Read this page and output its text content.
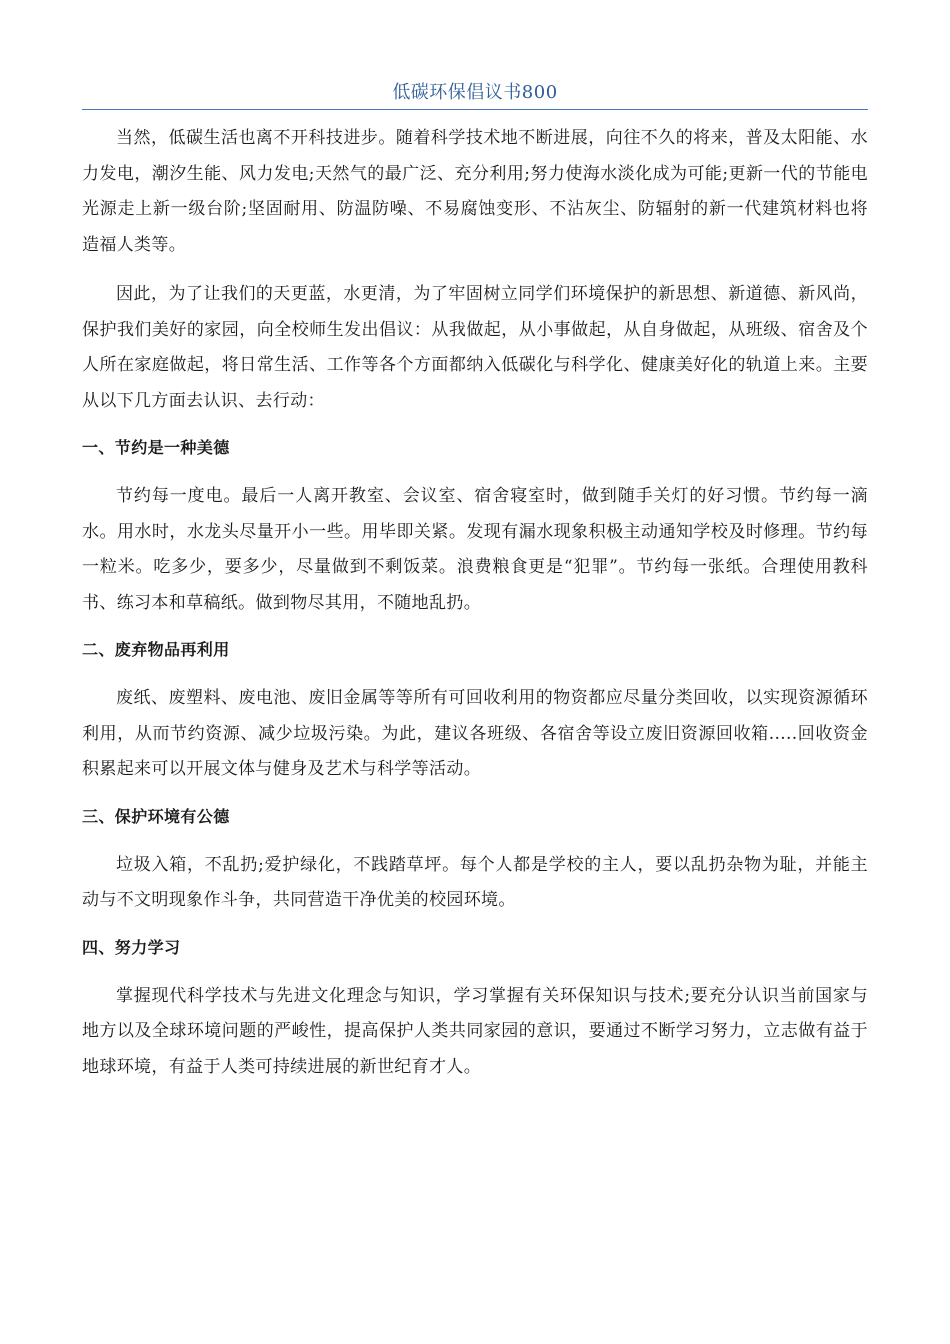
低碳环保倡议书800

当然，低碳生活也离不开科技进步。随着科学技术地不断进展，向往不久的将来，普及太阳能、水力发电，潮汐生能、风力发电;天然气的最广泛、充分利用;努力使海水淡化成为可能;更新一代的节能电光源走上新一级台阶;坚固耐用、防温防噪、不易腐蚀变形、不沾灰尘、防辐射的新一代建筑材料也将造福人类等。

因此，为了让我们的天更蓝，水更清，为了牢固树立同学们环境保护的新思想、新道德、新风尚，保护我们美好的家园，向全校师生发出倡议：从我做起，从小事做起，从自身做起，从班级、宿舍及个人所在家庭做起，将日常生活、工作等各个方面都纳入低碳化与科学化、健康美好化的轨道上来。主要从以下几方面去认识、去行动：

一、节约是一种美德

节约每一度电。最后一人离开教室、会议室、宿舍寝室时，做到随手关灯的好习惯。节约每一滴水。用水时，水龙头尽量开小一些。用毕即关紧。发现有漏水现象积极主动通知学校及时修理。节约每一粒米。吃多少，要多少，尽量做到不剩饭菜。浪费粮食更是“犯罪”。节约每一张纸。合理使用教科书、练习本和草稿纸。做到物尽其用，不随地乱扔。

二、废弃物品再利用

废纸、废塑料、废电池、废旧金属等等所有可回收利用的物资都应尽量分类回收，以实现资源循环利用，从而节约资源、减少垃圾污染。为此，建议各班级、各宿舍等设立废旧资源回收箱.....回收资金积累起来可以开展文体与健身及艺术与科学等活动。

三、保护环境有公德

垃圾入箱，不乱扔;爱护绿化，不践踏草坪。每个人都是学校的主人，要以乱扔杂物为耻，并能主动与不文明现象作斗争，共同营造干净优美的校园环境。

四、努力学习

掌握现代科学技术与先进文化理念与知识，学习掌握有关环保知识与技术;要充分认识当前国家与地方以及全球环境问题的严峻性，提高保护人类共同家园的意识，要通过不断学习努力，立志做有益于地球环境，有益于人类可持续进展的新世纪育才人。
